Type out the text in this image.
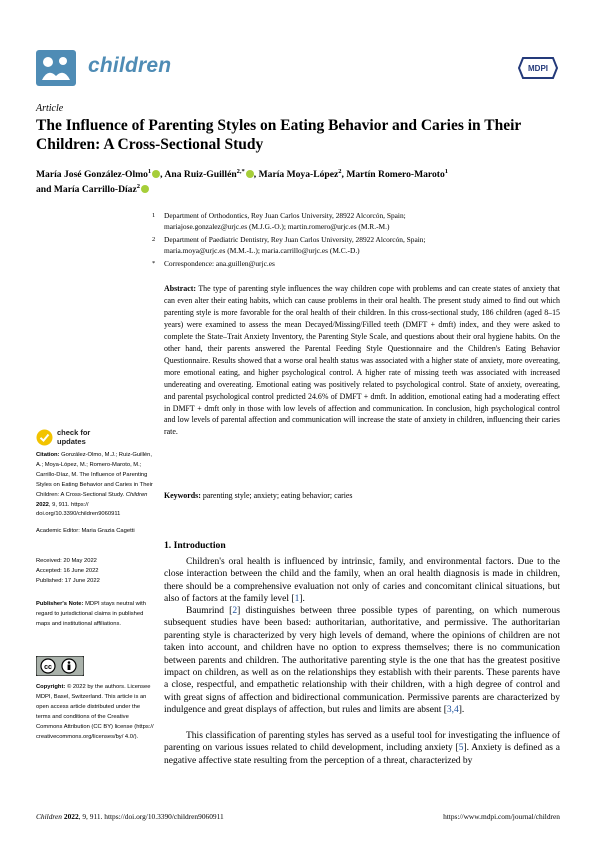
children	MDPI
Article
The Influence of Parenting Styles on Eating Behavior and Caries in Their Children: A Cross-Sectional Study
María José González-Olmo$^1$ , Ana Ruiz-Guillén$^{2,*}$ , María Moya-López$^2$, Martín Romero-Maroto$^1$
and María Carrillo-Díaz$^2$
1 Department of Orthodontics, Rey Juan Carlos University, 28922 Alcorcón, Spain;
mariajose.gonzalez@urjc.es (M.J.G.-O.); martin.romero@urjc.es (M.R.-M.)
2 Department of Paediatric Dentistry, Rey Juan Carlos University, 28922 Alcorcón, Spain;
maria.moya@urjc.es (M.M.-L.); maria.carrillo@urjc.es (M.C.-D.)
* Correspondence: ana.guillen@urjc.es
Abstract: The type of parenting style influences the way children cope with problems and can create states of anxiety that can even alter their eating habits, which can cause problems in their oral health. The present study aimed to find out which parenting style is more favorable for the oral health of their children. In this cross-sectional study, 186 children (aged 8–15 years) were examined to assess the mean Decayed/Missing/Filled teeth (DMFT + dmft) index, and they were asked to complete the State–Trait Anxiety Inventory, the Parenting Style Scale, and questions about their oral hygiene habits. On the other hand, their parents answered the Parental Feeding Style Questionnaire and the Children's Eating Behavior Questionnaire. Results showed that a worse oral health status was associated with a higher state of anxiety, more overeating, more emotional eating, and higher psychological control. A higher rate of missing teeth was associated with increased undereating and overeating. Emotional eating was positively related to psychological control. State of anxiety, overeating, and parental psychological control predicted 24.6% of DMFT + dmft. In addition, emotional eating had a moderating effect in DMFT + dmft only in those with low levels of affection and communication. In conclusion, high psychological control and low levels of parental affection and communication will increase the state of anxiety in children, influencing their caries rate.
Keywords: parenting style; anxiety; eating behavior; caries
1. Introduction
Children's oral health is influenced by intrinsic, family, and environmental factors. Due to the close interaction between the child and the family, when an oral health diagnosis is made in children, there should be a comprehensive evaluation not only of caries and concomitant clinical situations, but also of factors at the family level [1].
Baumrind [2] distinguishes between three possible types of parenting, on which numerous subsequent studies have been based: authoritarian, authoritative, and permissive. The authoritarian parenting style is characterized by very high levels of demand, where the opinions of children are not taken into account, and children have no option to express themselves; there is no communication between parents and children. The authoritative parenting style is the one that has the greatest positive impact on children, as well as on the relationships they establish with their parents. These parents have a close, respectful, and empathetic relationship with their children, with a high degree of control and with great signs of affection and bidirectional communication. Permissive parents are characterized by indulgence and great displays of affection, but rules and limits are absent [3,4].
This classification of parenting styles has served as a useful tool for investigating the influence of parenting on various issues related to child development, including anxiety [5]. Anxiety is defined as a negative affective state resulting from the perception of a threat, characterized by
check for
updates
Citation: González-Olmo, M.J.; Ruiz-Guillén, A.; Moya-López, M.; Romero-Maroto, M.; Carrillo-Díaz, M. The Influence of Parenting Styles on Eating Behavior and Caries in Their Children: A Cross-Sectional Study. Children 2022, 9, 911. https:// doi.org/10.3390/children9060911
Academic Editor: Maria Grazia Cagetti
Received: 20 May 2022
Accepted: 16 June 2022
Published: 17 June 2022
Publisher's Note: MDPI stays neutral with regard to jurisdictional claims in published maps and institutional affiliations.
cc
Copyright: © 2022 by the authors. Licensee MDPI, Basel, Switzerland. This article is an open access article distributed under the terms and conditions of the Creative Commons Attribution (CC BY) license (https:// creativecommons.org/licenses/by/ 4.0/).
Children 2022, 9, 911. https://doi.org/10.3390/children9060911	https://www.mdpi.com/journal/children
